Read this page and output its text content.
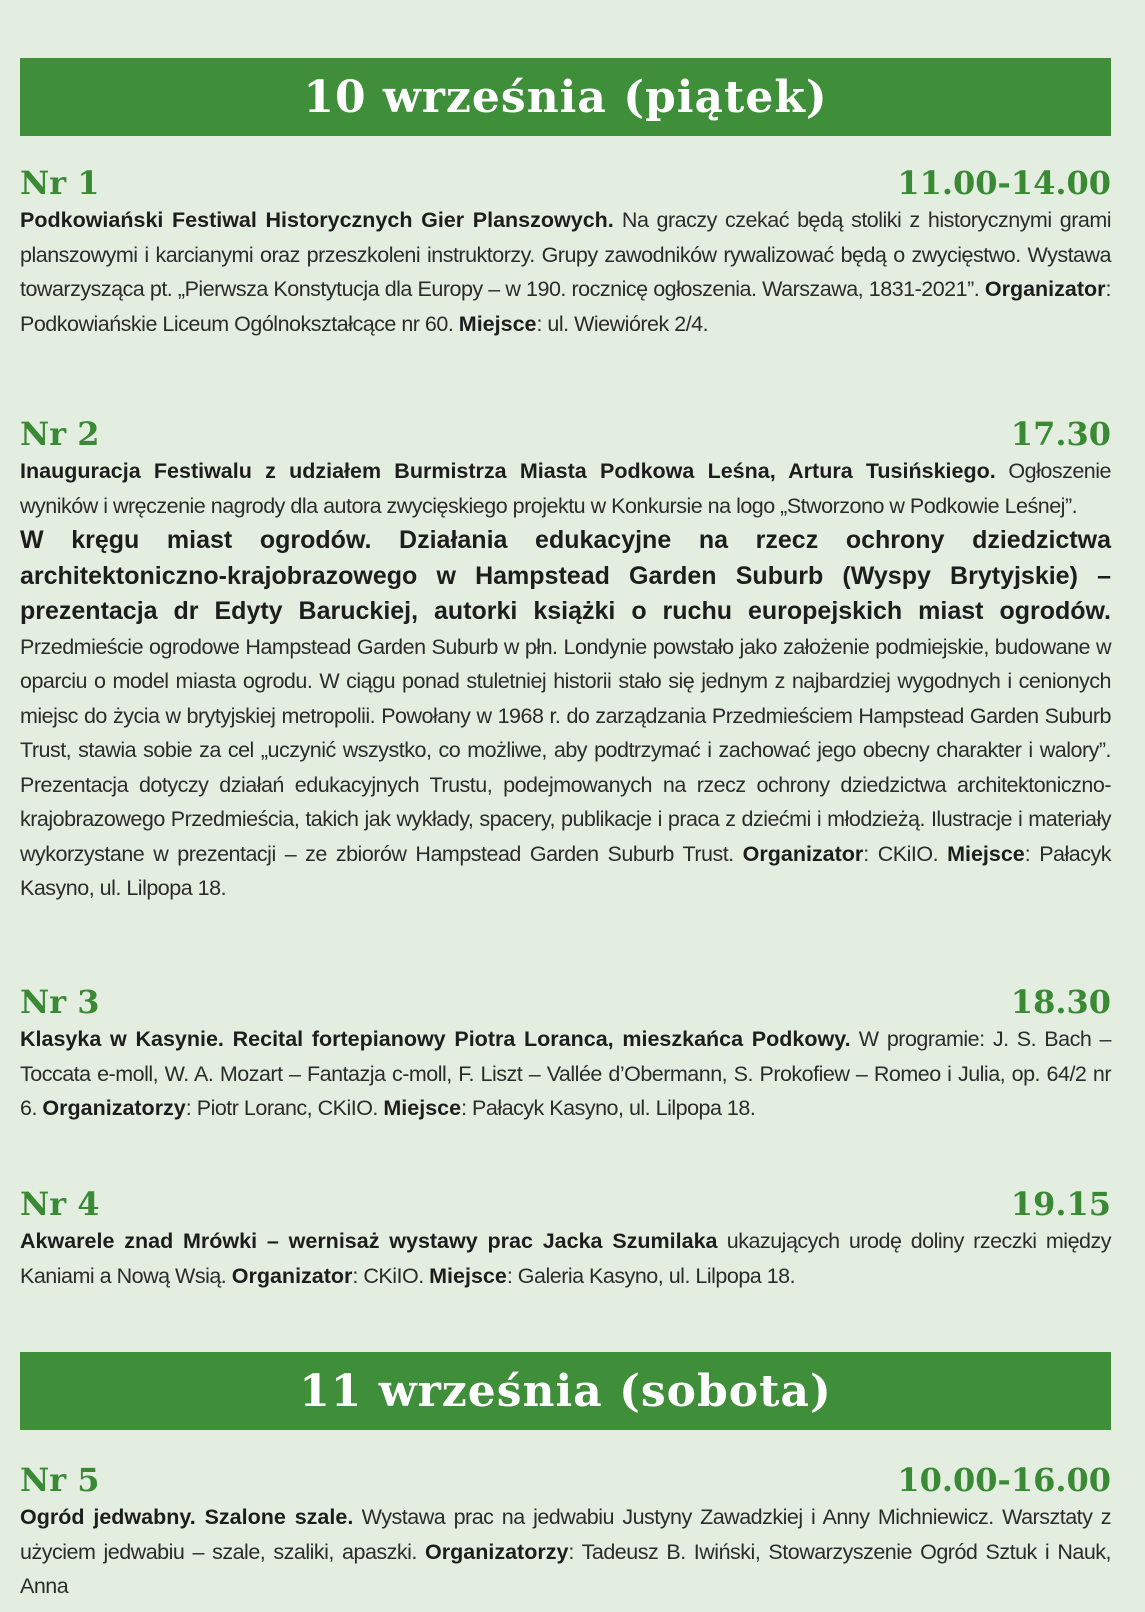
10 września (piątek)
Nr 1	11.00-14.00
Podkowiański Festiwal Historycznych Gier Planszowych. Na graczy czekać będą stoliki z historycznymi grami planszowymi i karcianymi oraz przeszkoleni instruktorzy. Grupy zawodników rywalizować będą o zwycięstwo. Wystawa towarzysząca pt. „Pierwsza Konstytucja dla Europy – w 190. rocznicę ogłoszenia. Warszawa, 1831-2021”. Organizator: Podkowiańskie Liceum Ogólnokształcące nr 60. Miejsce: ul. Wiewiórek 2/4.
Nr 2	17.30
Inauguracja Festiwalu z udziałem Burmistrza Miasta Podkowa Leśna, Artura Tusińskiego. Ogłoszenie wyników i wręczenie nagrody dla autora zwycięskiego projektu w Konkursie na logo „Stworzono w Podkowie Leśnej”.
W kręgu miast ogrodów. Działania edukacyjne na rzecz ochrony dziedzictwa architektoniczno-krajobrazowego w Hampstead Garden Suburb (Wyspy Brytyjskie) – prezentacja dr Edyty Baruckiej, autorki książki o ruchu europejskich miast ogrodów. Przedmieście ogrodowe Hampstead Garden Suburb w płn. Londynie powstało jako założenie podmiejskie, budowane w oparciu o model miasta ogrodu. W ciągu ponad stuletniej historii stało się jednym z najbardziej wygodnych i cenionych miejsc do życia w brytyjskiej metropolii. Powołany w 1968 r. do zarządzania Przedmieściem Hampstead Garden Suburb Trust, stawia sobie za cel „uczynić wszystko, co możliwe, aby podtrzymać i zachować jego obecny charakter i walory”. Prezentacja dotyczy działań edukacyjnych Trustu, podejmowanych na rzecz ochrony dziedzictwa architektoniczno-krajobrazowego Przedmieścia, takich jak wykłady, spacery, publikacje i praca z dziećmi i młodzieżą. Ilustracje i materiały wykorzystane w prezentacji – ze zbiorów Hampstead Garden Suburb Trust. Organizator: CKiIO. Miejsce: Pałacyk Kasyno, ul. Lilpopa 18.
Nr 3	18.30
Klasyka w Kasynie. Recital fortepianowy Piotra Loranca, mieszkańca Podkowy. W programie: J. S. Bach – Toccata e-moll, W. A. Mozart – Fantazja c-moll, F. Liszt – Vallée d’Obermann, S. Prokofiew – Romeo i Julia, op. 64/2 nr 6. Organizatorzy: Piotr Loranc, CKiIO. Miejsce: Pałacyk Kasyno, ul. Lilpopa 18.
Nr 4	19.15
Akwarele znad Mrówki – wernisaż wystawy prac Jacka Szumilaka ukazujących urodę doliny rzeczki między Kaniami a Nową Wsią. Organizator: CKiIO. Miejsce: Galeria Kasyno, ul. Lilpopa 18.
11 września (sobota)
Nr 5	10.00-16.00
Ogród jedwabny. Szalone szale. Wystawa prac na jedwabiu Justyny Zawadzkiej i Anny Michniewicz. Warsztaty z użyciem jedwabiu – szale, szaliki, apaszki. Organizatorzy: Tadeusz B. Iwiński, Stowarzyszenie Ogród Sztuk i Nauk, Anna
